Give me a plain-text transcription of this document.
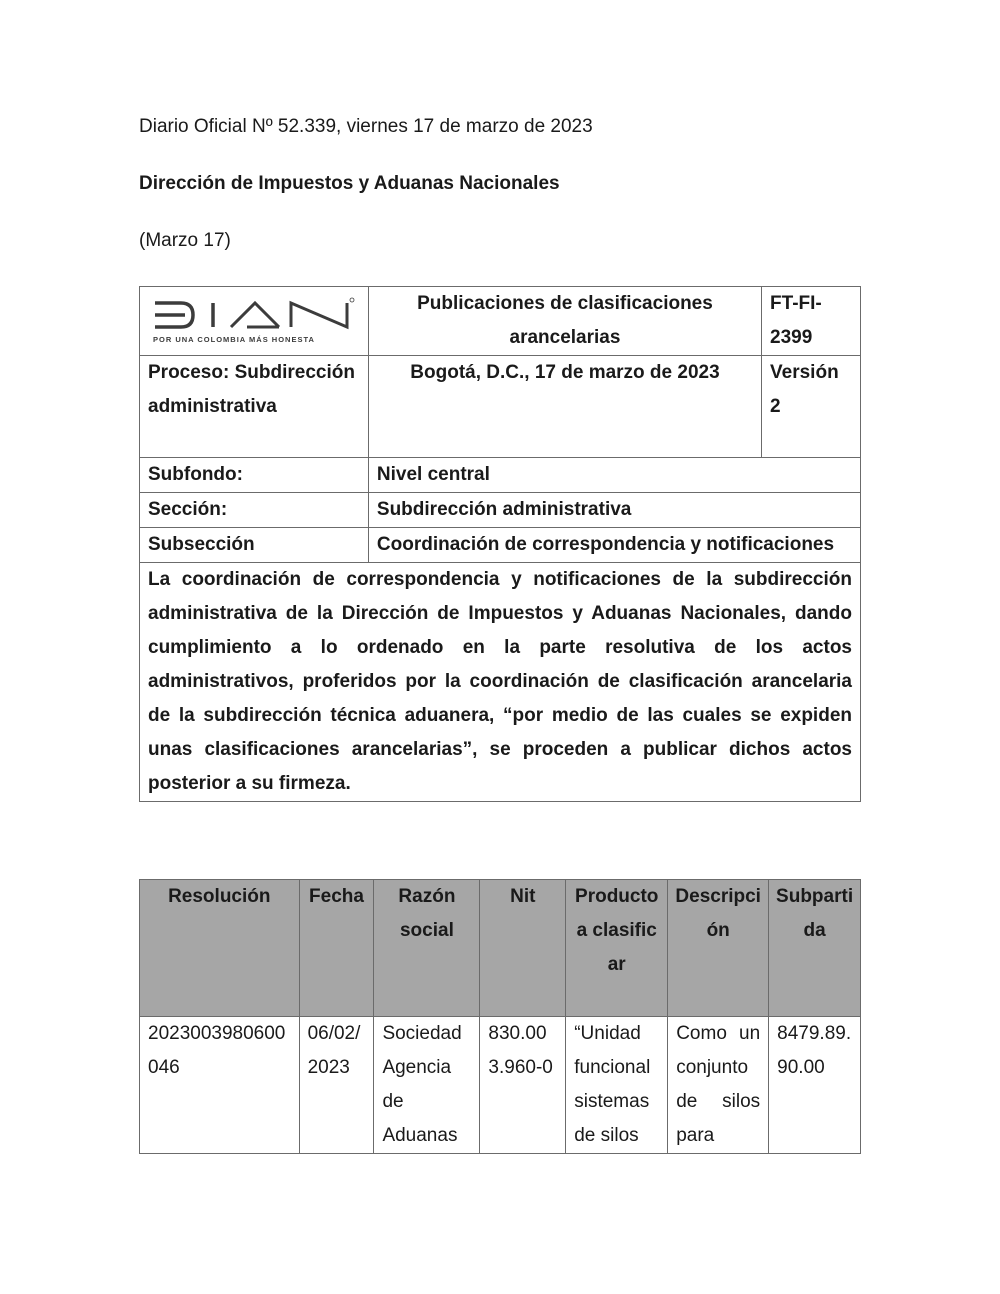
Diario Oficial Nº 52.339, viernes 17 de marzo de 2023

Dirección de Impuestos y Aduanas Nacionales

(Marzo 17)

POR UNA COLOMBIA MÁS HONESTA	Publicaciones de clasificaciones arancelarias	FT-FI-2399
Proceso: Subdirección administrativa	Bogotá, D.C., 17 de marzo de 2023	Versión 2
Subfondo:	Nivel central	
Sección:	Subdirección administrativa	
Subsección	Coordinación de correspondencia y notificaciones	
La coordinación de correspondencia y notificaciones de la subdirección administrativa de la Dirección de Impuestos y Aduanas Nacionales, dando cumplimiento a lo ordenado en la parte resolutiva de los actos administrativos, proferidos por la coordinación de clasificación arancelaria de la subdirección técnica aduanera, “por medio de las cuales se expiden unas clasificaciones arancelarias”, se proceden a publicar dichos actos posterior a su firmeza.		
Resolución	Fecha	Razón social	Nit	Producto a clasificar	Descripción	Subpartida
2023003980600046	06/02/2023	Sociedad Agencia de Aduanas	830.003.960-0	“Unidad funcional sistemas de silos	Como un conjunto de silos para	8479.89.90.00
